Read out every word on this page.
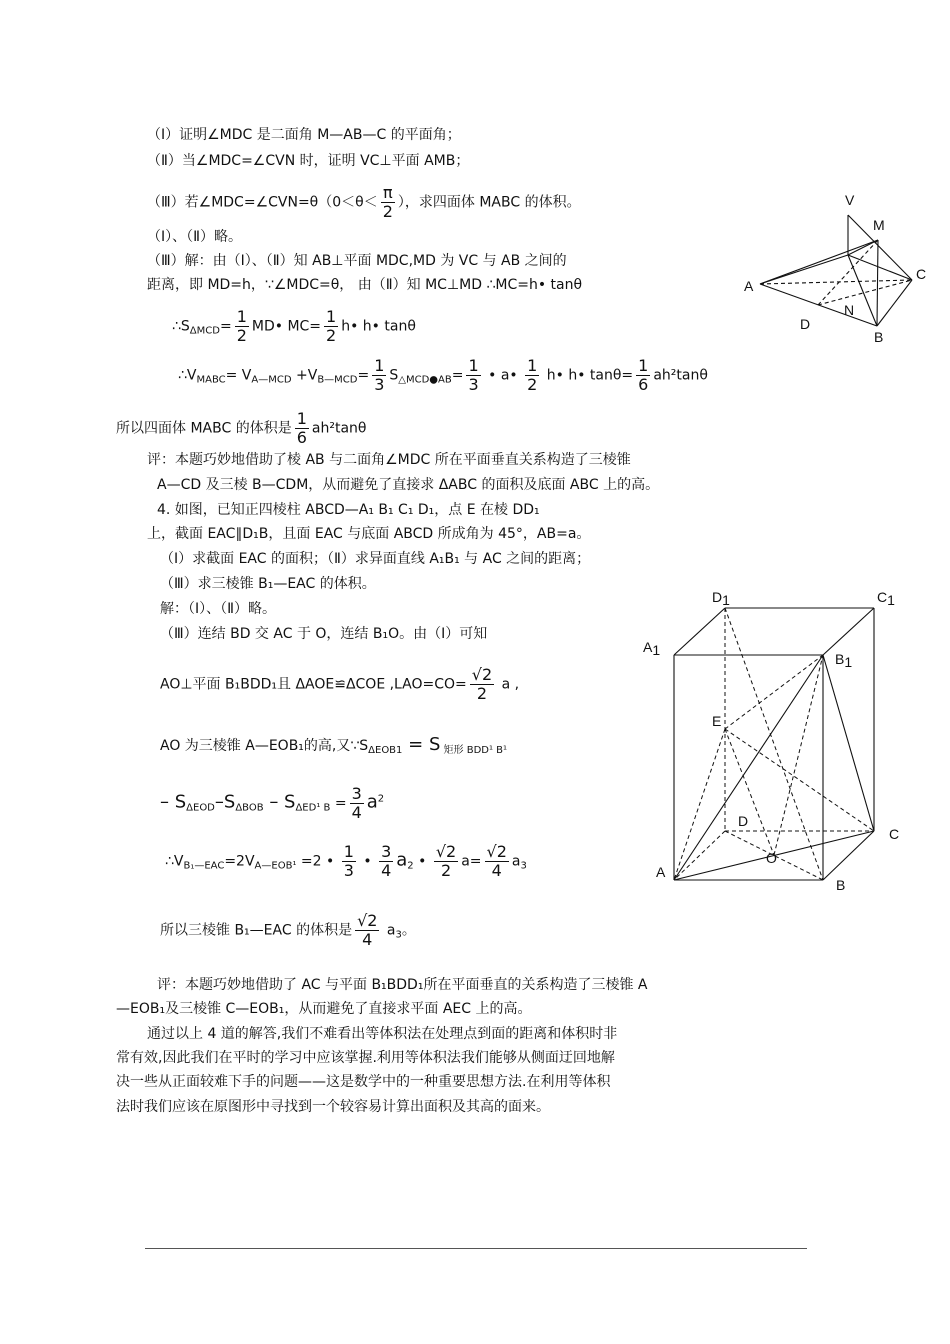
（Ⅰ）证明∠MDC 是二面角 M—AB—C 的平面角；
（Ⅱ）当∠MDC=∠CVN 时，证明 VC⊥平面 AMB；
（Ⅲ）若∠MDC=∠CVN=θ（0＜θ＜ $\frac{\pi}{2}$ ），求四面体 MABC 的体积。
（Ⅰ）、（Ⅱ）略。
（Ⅲ）解：由（Ⅰ）、（Ⅱ）知 AB⊥平面 MDC,MD 为 VC 与 AB 之间的
距离，即 MD=h，∵∠MDC=θ， 由（Ⅱ）知 MC⊥MD ∴MC=h• tanθ
$\therefore S_{\Delta MCD}= \frac{1}{2}$ MD• $MC= \frac{1}{2}$ h• h• tanθ
$\therefore V_{MABC}= V_{A—MCD} +V_{B—MCD}= \frac{1}{3} S_{\triangle MCD●AB}= \frac{1}{3}$ • a• $\frac{1}{2}$ h• h• $\tan\theta= \frac{1}{6} ah^2\tan\theta$
所以四面体 MABC 的体积是 $\frac{1}{6} ah^2\tan\theta$
评：本题巧妙地借助了棱 AB 与二面角∠MDC 所在平面垂直关系构造了三棱锥
A—CD 及三棱 B—CDM，从而避免了直接求 ΔABC 的面积及底面 ABC 上的高。
4. 如图，已知正四棱柱 ABCD—A₁ B₁ C₁ D₁，点 E 在棱 DD₁
上，截面 EAC∥D₁B，且面 EAC 与底面 ABCD 所成角为 45°，AB=a。
（Ⅰ）求截面 EAC 的面积；（Ⅱ）求异面直线 A₁B₁ 与 AC 之间的距离；
（Ⅲ）求三棱锥 B₁—EAC 的体积。
解：（Ⅰ）、（Ⅱ）略。
（Ⅲ）连结 BD 交 AC 于 O，连结 B₁O。由（Ⅰ）可知
AO⊥平面 B₁BDD₁且 ΔAOE≌ΔCOE $,LAO=CO= \frac{√2}{2}$ a ,
AO 为三棱锥 A—EOB₁的高,又$\because S_{\Delta EOB1} = S$ $_{矩形 BDD^1 B^1}$
– $S_{\Delta EOD}-S_{\Delta BOB} - S_{\Delta ED^1 B} = \frac{3}{4} a^2$
$\therefore V_{B_1—EAC}=2V_{A—EOB^1} =2$ • $\frac{1}{3}$ • $\frac{3}{4} a_2$ • $\frac{√2}{2} a= \frac{√2}{4} a_3$
所以三棱锥 B₁—EAC 的体积是 $\frac{√2}{4} a_3$。
评：本题巧妙地借助了 AC 与平面 B₁BDD₁所在平面垂直的关系构造了三棱锥 A
—EOB₁及三棱锥 C—EOB₁，从而避免了直接求平面 AEC 上的高。
通过以上 4 道的解答,我们不难看出等体积法在处理点到面的距离和体积时非
常有效,因此我们在平时的学习中应该掌握.利用等体积法我们能够从侧面迂回地解
决一些从正面较难下手的问题——这是数学中的一种重要思想方法.在利用等体积
法时我们应该在原图形中寻找到一个较容易计算出面积及其高的面来。
V
M
A
C
D
N
B
D1	C1
A1
B1
E
D
C
O
A
B
